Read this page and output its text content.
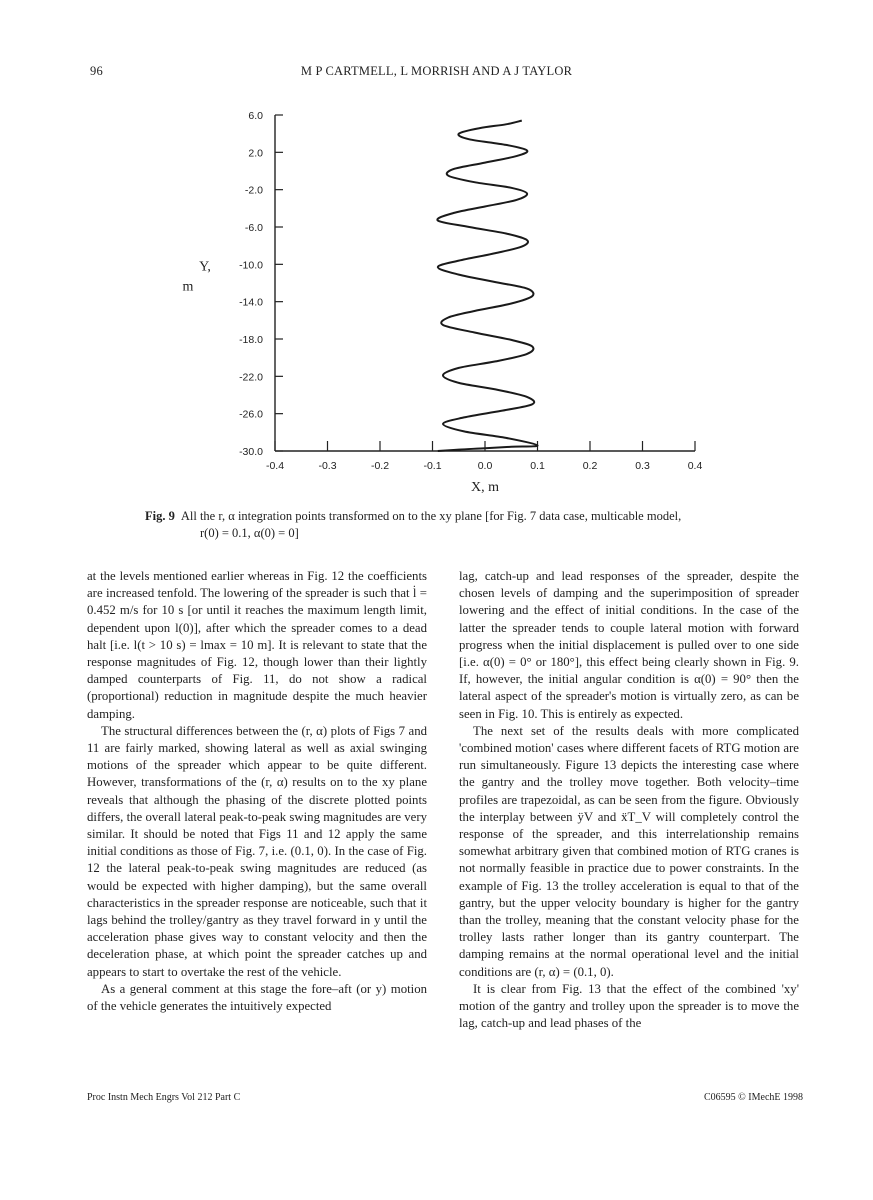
96	M P CARTMELL, L MORRISH AND A J TAYLOR
6.0
2.0
-2.0
-6.0
-10.0
-14.0
-18.0
-22.0
-26.0
-30.0
-0.4	-0.3	-0.2	-0.1	0.0	0.1	0.2	0.3	0.4
X, m
Y,
m
Fig. 9 All the r, α integration points transformed on to the xy plane [for Fig. 7 data case, multicable model,
r(0) = 0.1, α(0) = 0]

at the levels mentioned earlier whereas in Fig. 12 the coefficients are increased tenfold. The lowering of the spreader is such that l̇ = 0.452 m/s for 10 s [or until it reaches the maximum length limit, dependent upon l(0)], after which the spreader comes to a dead halt [i.e. l(t > 10 s) = lmax = 10 m]. It is relevant to state that the response magnitudes of Fig. 12, though lower than their lightly damped counterparts of Fig. 11, do not show a radical (proportional) reduction in magnitude despite the much heavier damping.

The structural differences between the (r, α) plots of Figs 7 and 11 are fairly marked, showing lateral as well as axial swinging motions of the spreader which appear to be quite different. However, transformations of the (r, α) results on to the xy plane reveals that although the phasing of the discrete plotted points differs, the overall lateral peak-to-peak swing magnitudes are very similar. It should be noted that Figs 11 and 12 apply the same initial conditions as those of Fig. 7, i.e. (0.1, 0). In the case of Fig. 12 the lateral peak-to-peak swing magnitudes are reduced (as would be expected with higher damping), but the same overall characteristics in the spreader response are noticeable, such that it lags behind the trolley/gantry as they travel forward in y until the acceleration phase gives way to constant velocity and then the deceleration phase, at which point the spreader catches up and appears to start to overtake the rest of the vehicle.

As a general comment at this stage the fore–aft (or y) motion of the vehicle generates the intuitively expected

lag, catch-up and lead responses of the spreader, despite the chosen levels of damping and the superimposition of spreader lowering and the effect of initial conditions. In the case of the latter the spreader tends to couple lateral motion with forward progress when the initial displacement is pulled over to one side [i.e. α(0) = 0° or 180°], this effect being clearly shown in Fig. 9. If, however, the initial angular condition is α(0) = 90° then the lateral aspect of the spreader's motion is virtually zero, as can be seen in Fig. 10. This is entirely as expected.

The next set of the results deals with more complicated 'combined motion' cases where different facets of RTG motion are run simultaneously. Figure 13 depicts the interesting case where the gantry and the trolley move together. Both velocity–time profiles are trapezoidal, as can be seen from the figure. Obviously the interplay between ÿV and ẍT_V will completely control the response of the spreader, and this interrelationship remains somewhat arbitrary given that combined motion of RTG cranes is not normally feasible in practice due to power constraints. In the example of Fig. 13 the trolley acceleration is equal to that of the gantry, but the upper velocity boundary is higher for the gantry than the trolley, meaning that the constant velocity phase for the trolley lasts rather longer than its gantry counterpart. The damping remains at the normal operational level and the initial conditions are (r, α) = (0.1, 0).

It is clear from Fig. 13 that the effect of the combined 'xy' motion of the gantry and trolley upon the spreader is to move the lag, catch-up and lead phases of the

Proc Instn Mech Engrs Vol 212 Part C	C06595 © IMechE 1998
